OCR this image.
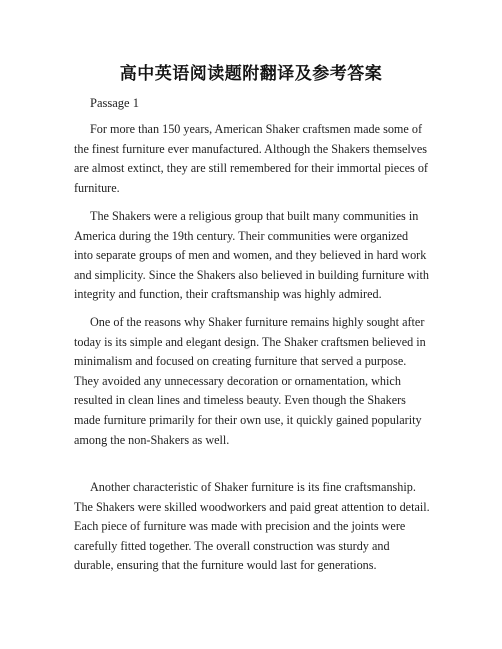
高中英语阅读题附翻译及参考答案
Passage 1

For more than 150 years, American Shaker craftsmen made some of the finest furniture ever manufactured. Although the Shakers themselves are almost extinct, they are still remembered for their immortal pieces of furniture.

The Shakers were a religious group that built many communities in America during the 19th century. Their communities were organized into separate groups of men and women, and they believed in hard work and simplicity. Since the Shakers also believed in building furniture with integrity and function, their craftsmanship was highly admired.

One of the reasons why Shaker furniture remains highly sought after today is its simple and elegant design. The Shaker craftsmen believed in minimalism and focused on creating furniture that served a purpose. They avoided any unnecessary decoration or ornamentation, which resulted in clean lines and timeless beauty. Even though the Shakers made furniture primarily for their own use, it quickly gained popularity among the non-Shakers as well.

Another characteristic of Shaker furniture is its fine craftsmanship. The Shakers were skilled woodworkers and paid great attention to detail. Each piece of furniture was made with precision and the joints were carefully fitted together. The overall construction was sturdy and durable, ensuring that the furniture would last for generations.
